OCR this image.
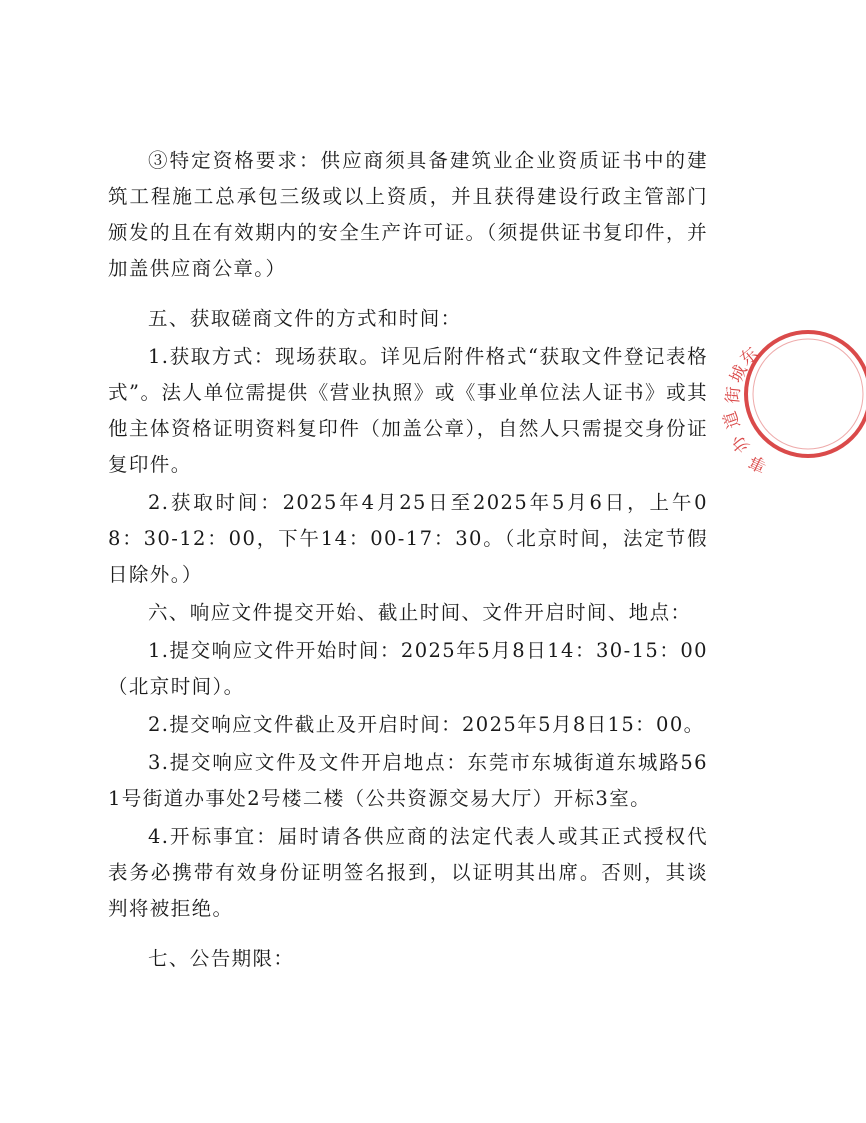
③特定资格要求：供应商须具备建筑业企业资质证书中的建筑工程施工总承包三级或以上资质，并且获得建设行政主管部门颁发的且在有效期内的安全生产许可证。（须提供证书复印件，并加盖供应商公章。）

五、获取磋商文件的方式和时间：

1.获取方式：现场获取。详见后附件格式“获取文件登记表格式”。法人单位需提供《营业执照》或《事业单位法人证书》或其他主体资格证明资料复印件（加盖公章），自然人只需提交身份证复印件。

2.获取时间：2025年4月25日至2025年5月6日，上午08：30-12：00，下午14：00-17：30。（北京时间，法定节假日除外。）

六、响应文件提交开始、截止时间、文件开启时间、地点：

1.提交响应文件开始时间：2025年5月8日14：30-15：00（北京时间）。

2.提交响应文件截止及开启时间：2025年5月8日15：00。

3.提交响应文件及文件开启地点：东莞市东城街道东城路561号街道办事处2号楼二楼（公共资源交易大厅）开标3室。

4.开标事宜：届时请各供应商的法定代表人或其正式授权代表务必携带有效身份证明签名报到，以证明其出席。否则，其谈判将被拒绝。

七、公告期限：

东
城
街
道
办
事
